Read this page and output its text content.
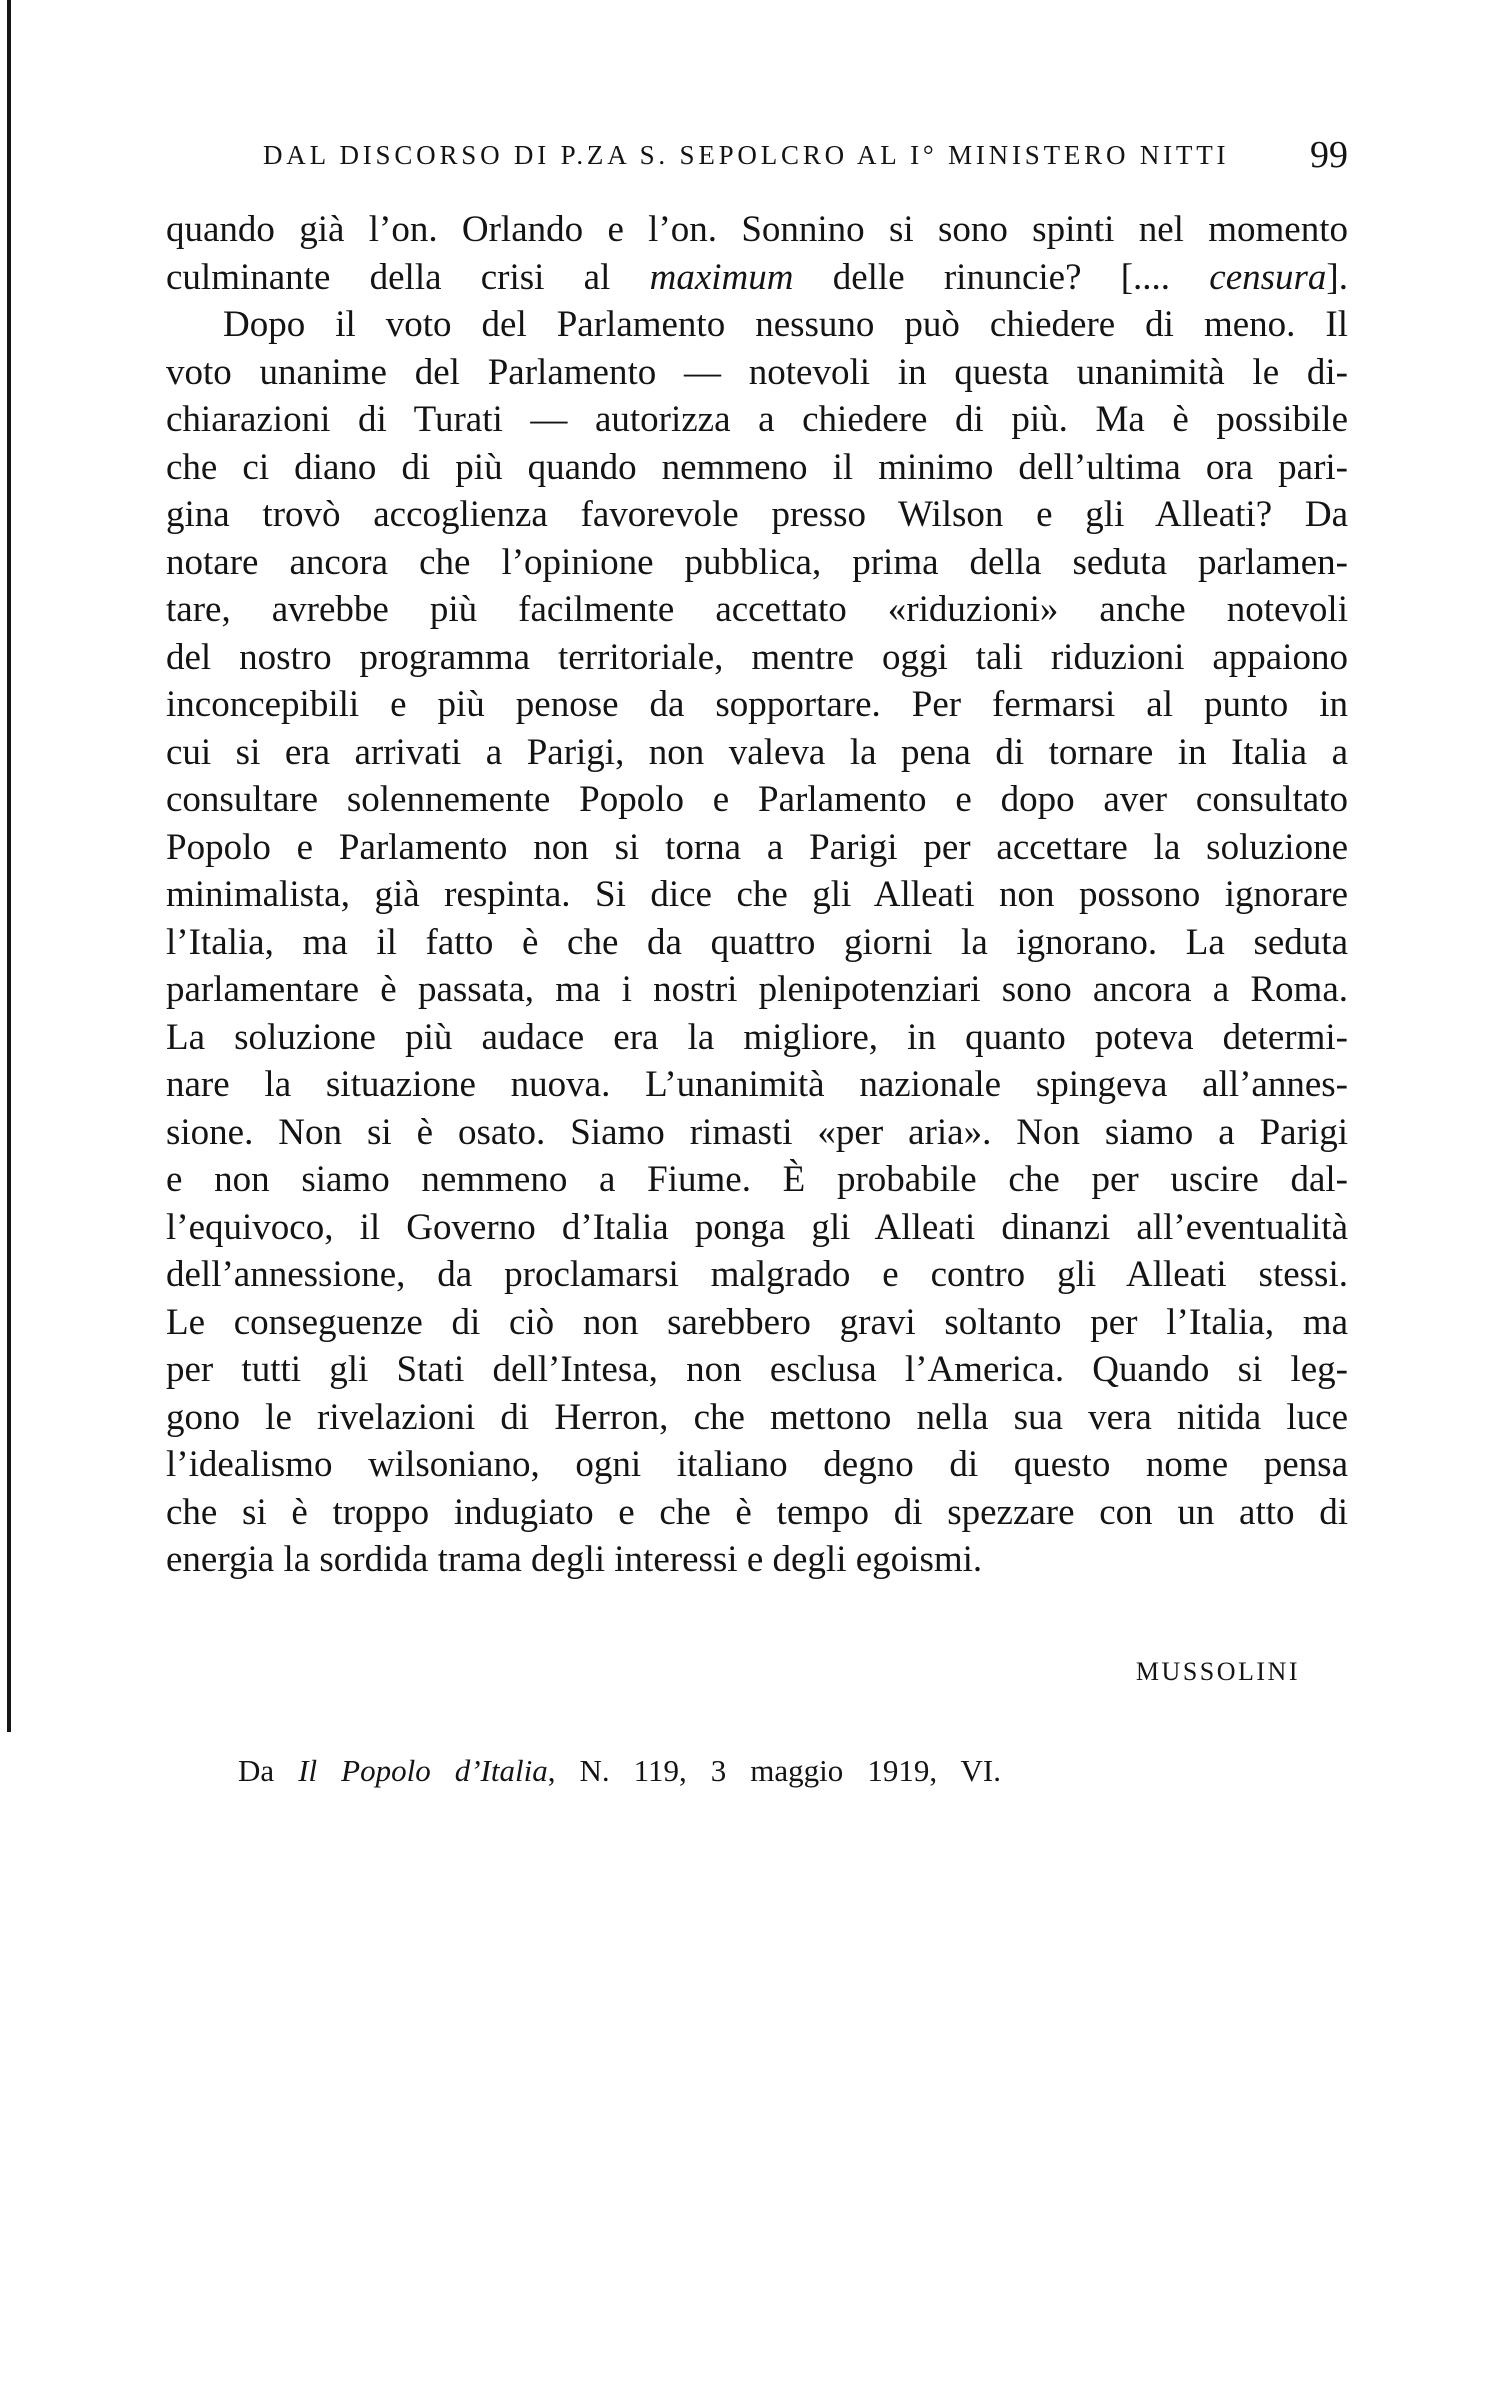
DAL DISCORSO DI P.ZA S. SEPOLCRO AL I° MINISTERO NITTI 99
quando già l’on. Orlando e l’on. Sonnino si sono spinti nel momento
culminante della crisi al maximum delle rinuncie? [.... censura].
Dopo il voto del Parlamento nessuno può chiedere di meno. Il
voto unanime del Parlamento — notevoli in questa unanimità le di-
chiarazioni di Turati — autorizza a chiedere di più. Ma è possibile
che ci diano di più quando nemmeno il minimo dell’ultima ora pari-
gina trovò accoglienza favorevole presso Wilson e gli Alleati? Da
notare ancora che l’opinione pubblica, prima della seduta parlamen-
tare, avrebbe più facilmente accettato «riduzioni» anche notevoli
del nostro programma territoriale, mentre oggi tali riduzioni appaiono
inconcepibili e più penose da sopportare. Per fermarsi al punto in
cui si era arrivati a Parigi, non valeva la pena di tornare in Italia a
consultare solennemente Popolo e Parlamento e dopo aver consultato
Popolo e Parlamento non si torna a Parigi per accettare la soluzione
minimalista, già respinta. Si dice che gli Alleati non possono ignorare
l’Italia, ma il fatto è che da quattro giorni la ignorano. La seduta
parlamentare è passata, ma i nostri plenipotenziari sono ancora a Roma.
La soluzione più audace era la migliore, in quanto poteva determi-
nare la situazione nuova. L’unanimità nazionale spingeva all’annes-
sione. Non si è osato. Siamo rimasti «per aria». Non siamo a Parigi
e non siamo nemmeno a Fiume. È probabile che per uscire dal-
l’equivoco, il Governo d’Italia ponga gli Alleati dinanzi all’eventualità
dell’annessione, da proclamarsi malgrado e contro gli Alleati stessi.
Le conseguenze di ciò non sarebbero gravi soltanto per l’Italia, ma
per tutti gli Stati dell’Intesa, non esclusa l’America. Quando si leg-
gono le rivelazioni di Herron, che mettono nella sua vera nitida luce
l’idealismo wilsoniano, ogni italiano degno di questo nome pensa
che si è troppo indugiato e che è tempo di spezzare con un atto di
energia la sordida trama degli interessi e degli egoismi.
MUSSOLINI
Da Il Popolo d’Italia, N. 119, 3 maggio 1919, VI.
